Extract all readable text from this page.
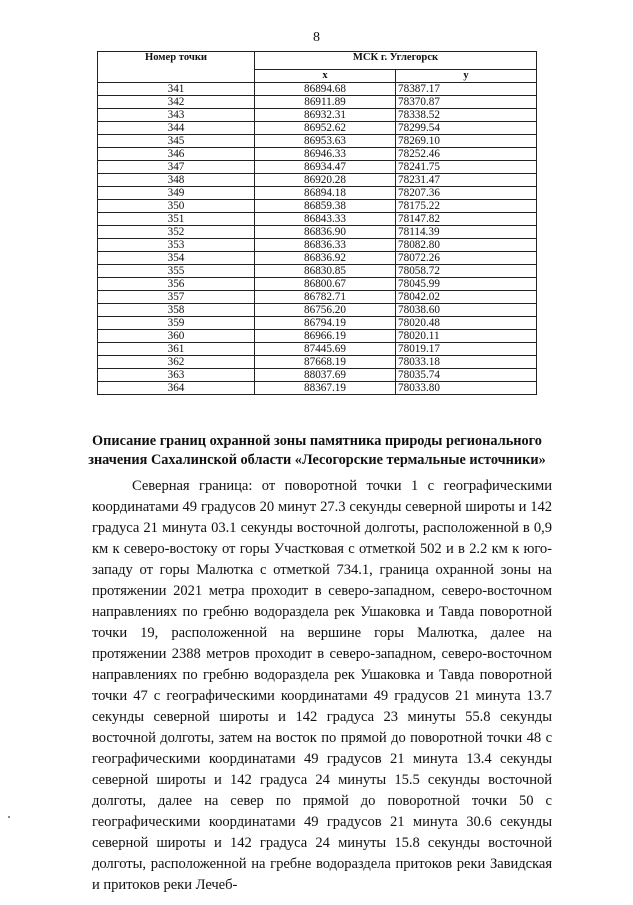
8
Номер точки	МСК г. Углегорск	
	х	у
341	86894.68	78387.17
342	86911.89	78370.87
343	86932.31	78338.52
344	86952.62	78299.54
345	86953.63	78269.10
346	86946.33	78252.46
347	86934.47	78241.75
348	86920.28	78231.47
349	86894.18	78207.36
350	86859.38	78175.22
351	86843.33	78147.82
352	86836.90	78114.39
353	86836.33	78082.80
354	86836.92	78072.26
355	86830.85	78058.72
356	86800.67	78045.99
357	86782.71	78042.02
358	86756.20	78038.60
359	86794.19	78020.48
360	86966.19	78020.11
361	87445.69	78019.17
362	87668.19	78033.18
363	88037.69	78035.74
364	88367.19	78033.80
Описание границ охранной зоны памятника природы регионального
значения Сахалинской области «Лесогорские термальные источники»

Северная граница: от поворотной точки 1 с географическими координатами 49 градусов 20 минут 27.3 секунды северной широты и 142 градуса 21 минута 03.1 секунды восточной долготы, расположенной в 0,9 км к северо-востоку от горы Участковая с отметкой 502 и в 2.2 км к юго-западу от горы Малютка с отметкой 734.1, граница охранной зоны на протяжении 2021 метра проходит в северо-западном, северо-восточном направлениях по гребню водораздела рек Ушаковка и Тавда поворотной точки 19, расположенной на вершине горы Малютка, далее на протяжении 2388 метров проходит в северо-западном, северо-восточном направлениях по гребню водораздела рек Ушаковка и Тавда поворотной точки 47 с географическими координатами 49 градусов 21 минута 13.7 секунды северной широты и 142 градуса 23 минуты 55.8 секунды восточной долготы, затем на восток по прямой до поворотной точки 48 с географическими координатами 49 градусов 21 минута 13.4 секунды северной широты и 142 градуса 24 минуты 15.5 секунды восточной долготы, далее на север по прямой до поворотной точки 50 с географическими координатами 49 градусов 21 минута 30.6 секунды северной широты и 142 градуса 24 минуты 15.8 секунды восточной долготы, расположенной на гребне водораздела притоков реки Завидская и притоков реки Лечеб-
